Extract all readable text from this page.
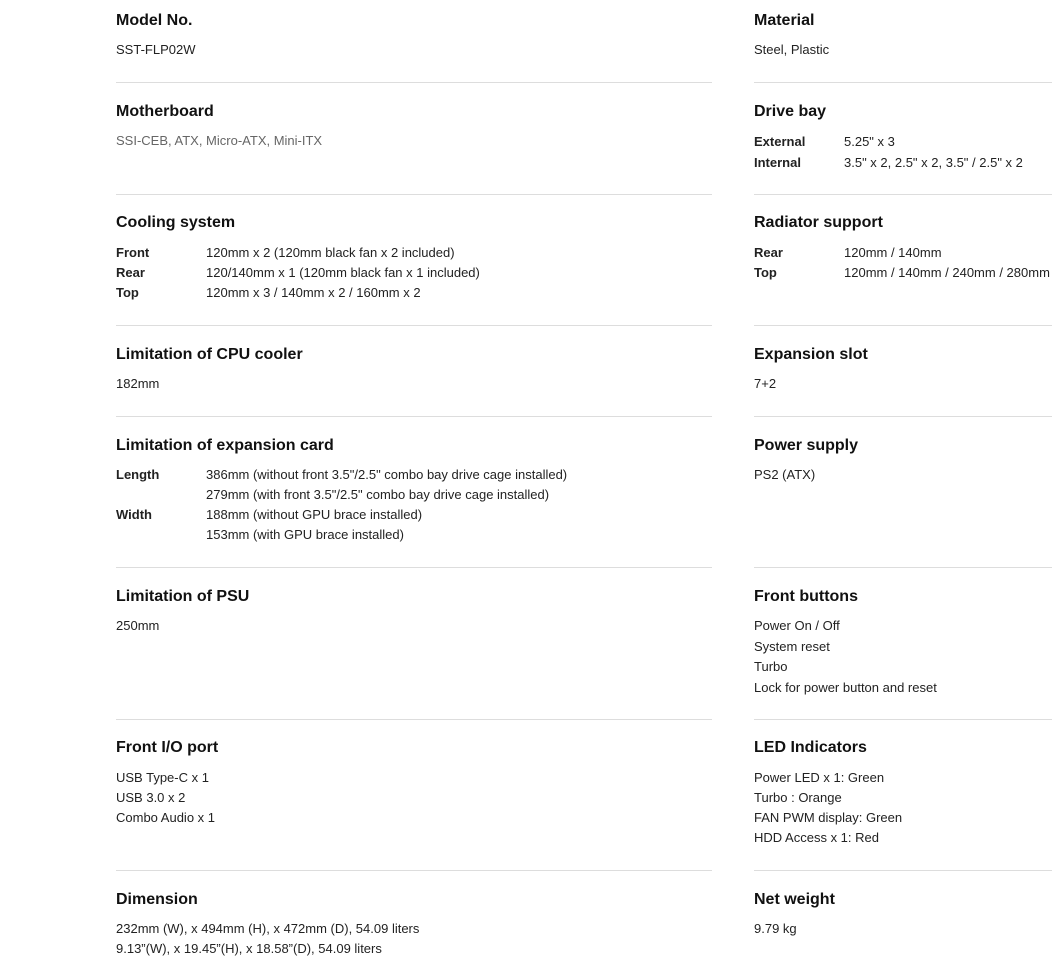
Model No.
SST-FLP02W
Motherboard
SSI-CEB, ATX, Micro-ATX, Mini-ITX
Cooling system
Front	120mm x 2 (120mm black fan x 2 included)
Rear	120/140mm x 1 (120mm black fan x 1 included)
Top	120mm x 3 / 140mm x 2 / 160mm x 2
Limitation of CPU cooler
182mm
Limitation of expansion card
Length	386mm (without front 3.5"/2.5" combo bay drive cage installed)
279mm (with front 3.5"/2.5" combo bay drive cage installed)
Width	188mm (without GPU brace installed)
153mm (with GPU brace installed)
Limitation of PSU
250mm
Front I/O port
USB Type-C x 1
USB 3.0 x 2
Combo Audio x 1
Dimension
232mm (W), x 494mm (H), x 472mm (D), 54.09 liters
9.13”(W), x 19.45”(H), x 18.58”(D), 54.09 liters
Material
Steel, Plastic
Drive bay
External	5.25" x 3
Internal	3.5" x 2, 2.5" x 2, 3.5" / 2.5" x 2
Radiator support
Rear	120mm / 140mm
Top	120mm / 140mm / 240mm / 280mm
Expansion slot
7+2
Power supply
PS2 (ATX)
Front buttons
Power On / Off
System reset
Turbo
Lock for power button and reset
LED Indicators
Power LED x 1: Green
Turbo : Orange
FAN PWM display: Green
HDD Access x 1: Red
Net weight
9.79 kg
